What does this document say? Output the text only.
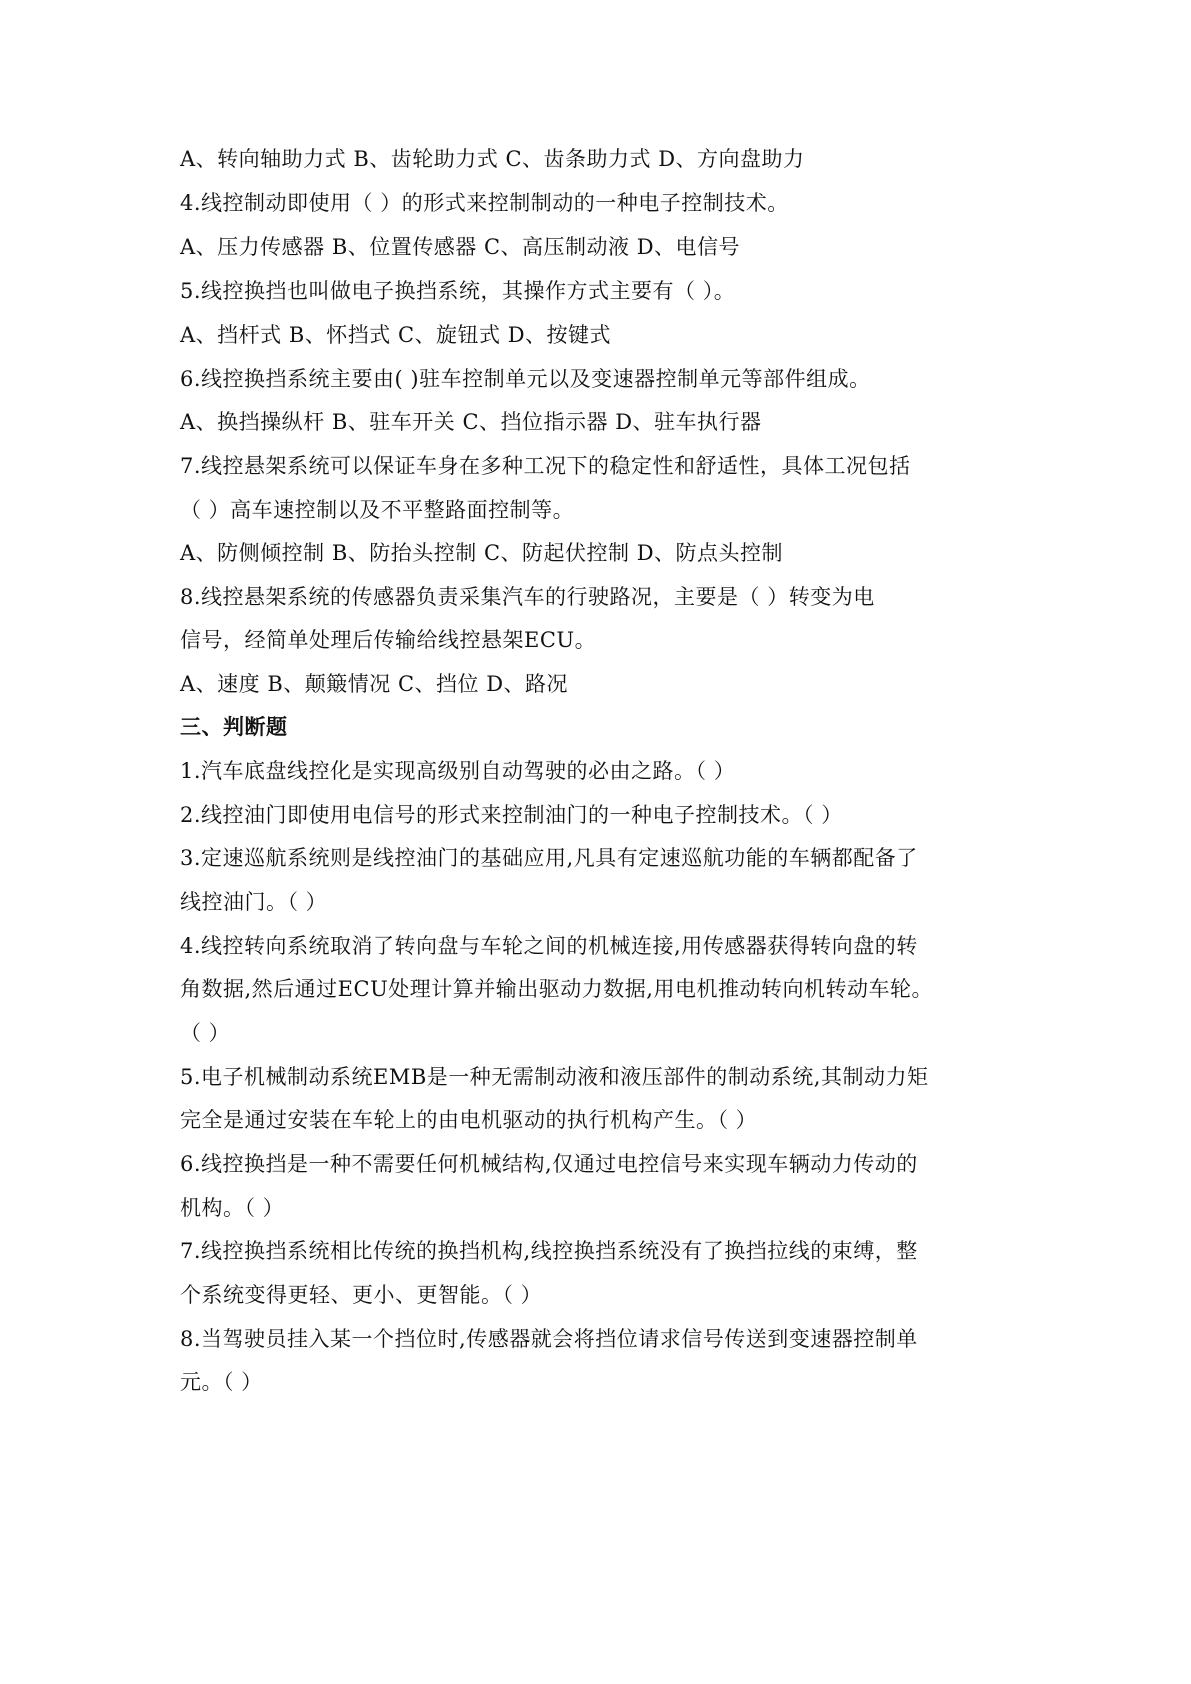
A、转向轴助力式 B、齿轮助力式 C、齿条助力式 D、方向盘助力
4.线控制动即使用（ ）的形式来控制制动的一种电子控制技术。
A、压力传感器 B、位置传感器 C、高压制动液 D、电信号
5.线控换挡也叫做电子换挡系统，其操作方式主要有（ ）。
A、挡杆式 B、怀挡式 C、旋钮式 D、按键式
6.线控换挡系统主要由( )驻车控制单元以及变速器控制单元等部件组成。
A、换挡操纵杆 B、驻车开关 C、挡位指示器 D、驻车执行器
7.线控悬架系统可以保证车身在多种工况下的稳定性和舒适性，具体工况包括
（ ）高车速控制以及不平整路面控制等。
A、防侧倾控制 B、防抬头控制 C、防起伏控制 D、防点头控制
8.线控悬架系统的传感器负责采集汽车的行驶路况，主要是（ ）转变为电
信号，经简单处理后传输给线控悬架ECU。
A、速度 B、颠簸情况 C、挡位 D、路况
三、判断题
1.汽车底盘线控化是实现高级别自动驾驶的必由之路。（ ）
2.线控油门即使用电信号的形式来控制油门的一种电子控制技术。（ ）
3.定速巡航系统则是线控油门的基础应用,凡具有定速巡航功能的车辆都配备了
线控油门。（ ）
4.线控转向系统取消了转向盘与车轮之间的机械连接,用传感器获得转向盘的转
角数据,然后通过ECU处理计算并输出驱动力数据,用电机推动转向机转动车轮。
（ ）
5.电子机械制动系统EMB是一种无需制动液和液压部件的制动系统,其制动力矩
完全是通过安装在车轮上的由电机驱动的执行机构产生。（ ）
6.线控换挡是一种不需要任何机械结构,仅通过电控信号来实现车辆动力传动的
机构。（ ）
7.线控换挡系统相比传统的换挡机构,线控换挡系统没有了换挡拉线的束缚，整
个系统变得更轻、更小、更智能。（ ）
8.当驾驶员挂入某一个挡位时,传感器就会将挡位请求信号传送到变速器控制单
元。（ ）
